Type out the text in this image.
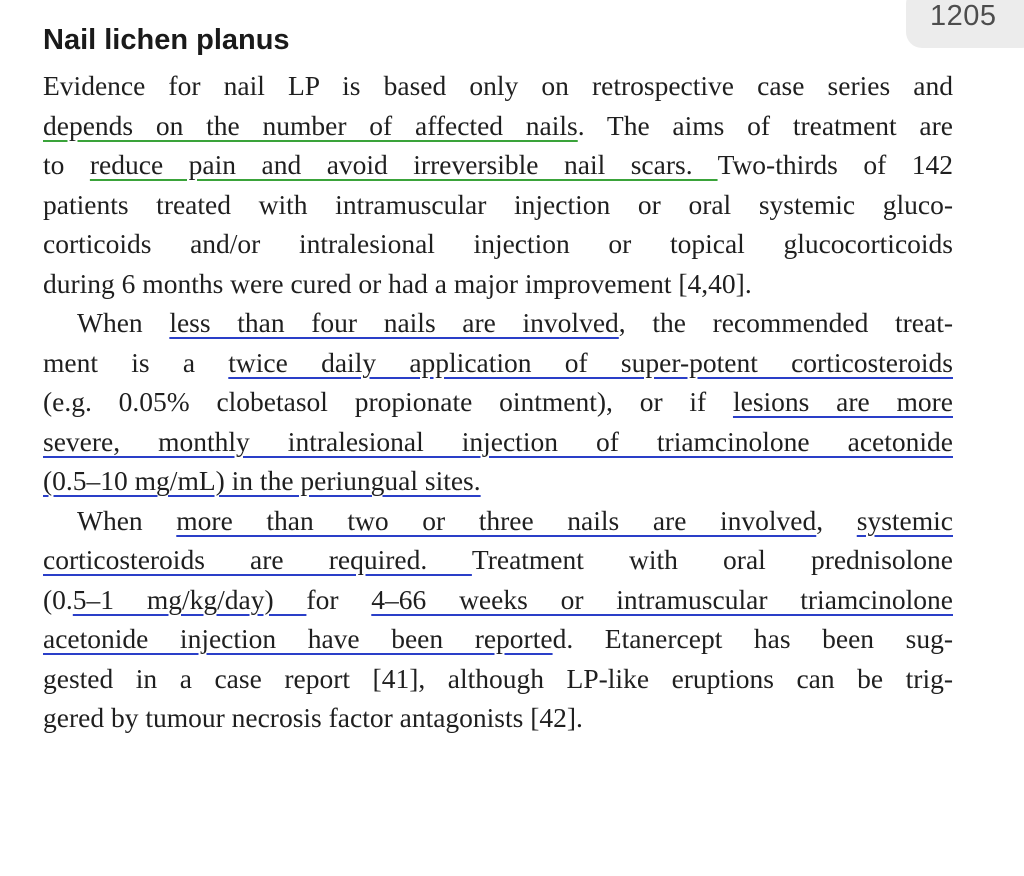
1205
Nail lichen planus
Evidence for nail LP is based only on retrospective case series and
depends on the number of affected nails. The aims of treatment are
to reduce pain and avoid irreversible nail scars. Two-thirds of 142
patients treated with intramuscular injection or oral systemic gluco-
corticoids and/or intralesional injection or topical glucocorticoids
during 6 months were cured or had a major improvement [4,40].
When less than four nails are involved, the recommended treat-
ment is a twice daily application of super-potent corticosteroids
(e.g. 0.05% clobetasol propionate ointment), or if lesions are more
severe, monthly intralesional injection of triamcinolone acetonide
(0.5–10 mg/mL) in the periungual sites.
When more than two or three nails are involved, systemic
corticosteroids are required. Treatment with oral prednisolone
(0.5–1 mg/kg/day) for 4–66 weeks or intramuscular triamcinolone
acetonide injection have been reported. Etanercept has been sug-
gested in a case report [41], although LP-like eruptions can be trig-
gered by tumour necrosis factor antagonists [42].
